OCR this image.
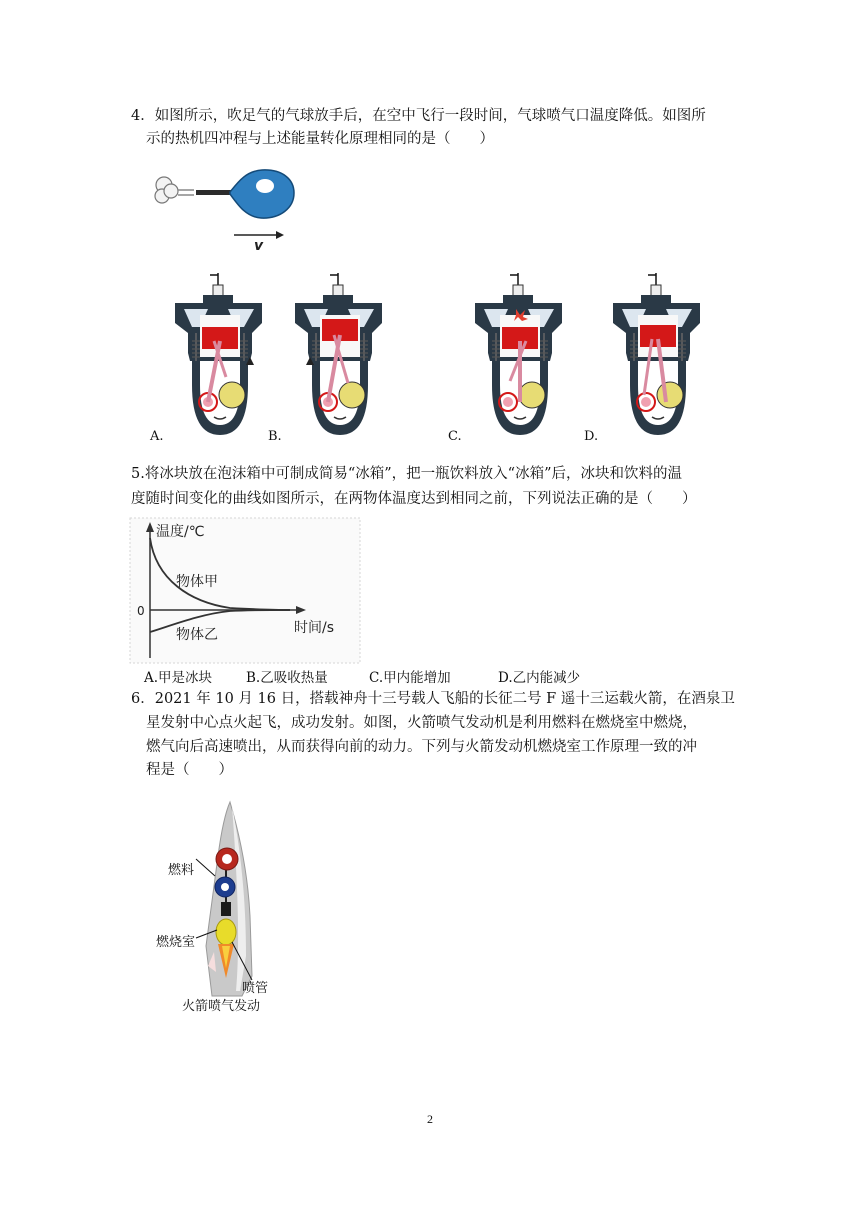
4．如图所示，吹足气的气球放手后，在空中飞行一段时间，气球喷气口温度降低。如图所
示的热机四冲程与上述能量转化原理相同的是（　　）
v
A.	B.	C.	D.
5.将冰块放在泡沫箱中可制成简易“冰箱”，把一瓶饮料放入“冰箱”后，冰块和饮料的温
度随时间变化的曲线如图所示，在两物体温度达到相同之前，下列说法正确的是（　　）
温度/℃
时间/s
0
物体甲
物体乙
A.甲是冰块	B.乙吸收热量	C.甲内能增加	D.乙内能减少
6．2021 年 10 月 16 日，搭载神舟十三号载人飞船的长征二号 F 遥十三运载火箭，在酒泉卫
星发射中心点火起飞，成功发射。如图，火箭喷气发动机是利用燃料在燃烧室中燃烧，
燃气向后高速喷出，从而获得向前的动力。下列与火箭发动机燃烧室工作原理一致的冲
程是（　　）
燃料
燃烧室
喷管
火箭喷气发动
2
